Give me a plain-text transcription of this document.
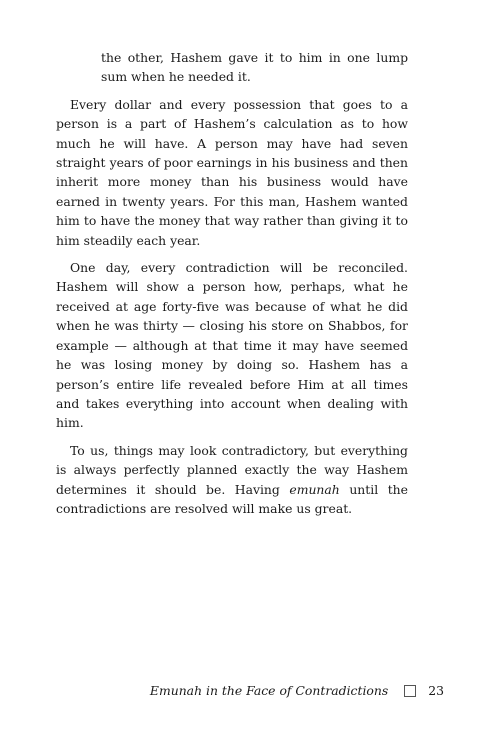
the other, Hashem gave it to him in one lump sum when he needed it.

Every dollar and every possession that goes to a person is a part of Hashem’s calculation as to how much he will have. A person may have had seven straight years of poor earnings in his business and then inherit more money than his business would have earned in twenty years. For this man, Hashem wanted him to have the money that way rather than giving it to him steadily each year.

One day, every contradiction will be reconciled. Hashem will show a person how, perhaps, what he received at age forty-five was because of what he did when he was thirty — closing his store on Shabbos, for example — although at that time it may have seemed he was losing money by doing so. Hashem has a person’s entire life revealed before Him at all times and takes everything into account when dealing with him.

To us, things may look contradictory, but everything is always perfectly planned exactly the way Hashem determines it should be. Having emunah until the contradictions are resolved will make us great.

Emunah in the Face of Contradictions	23
